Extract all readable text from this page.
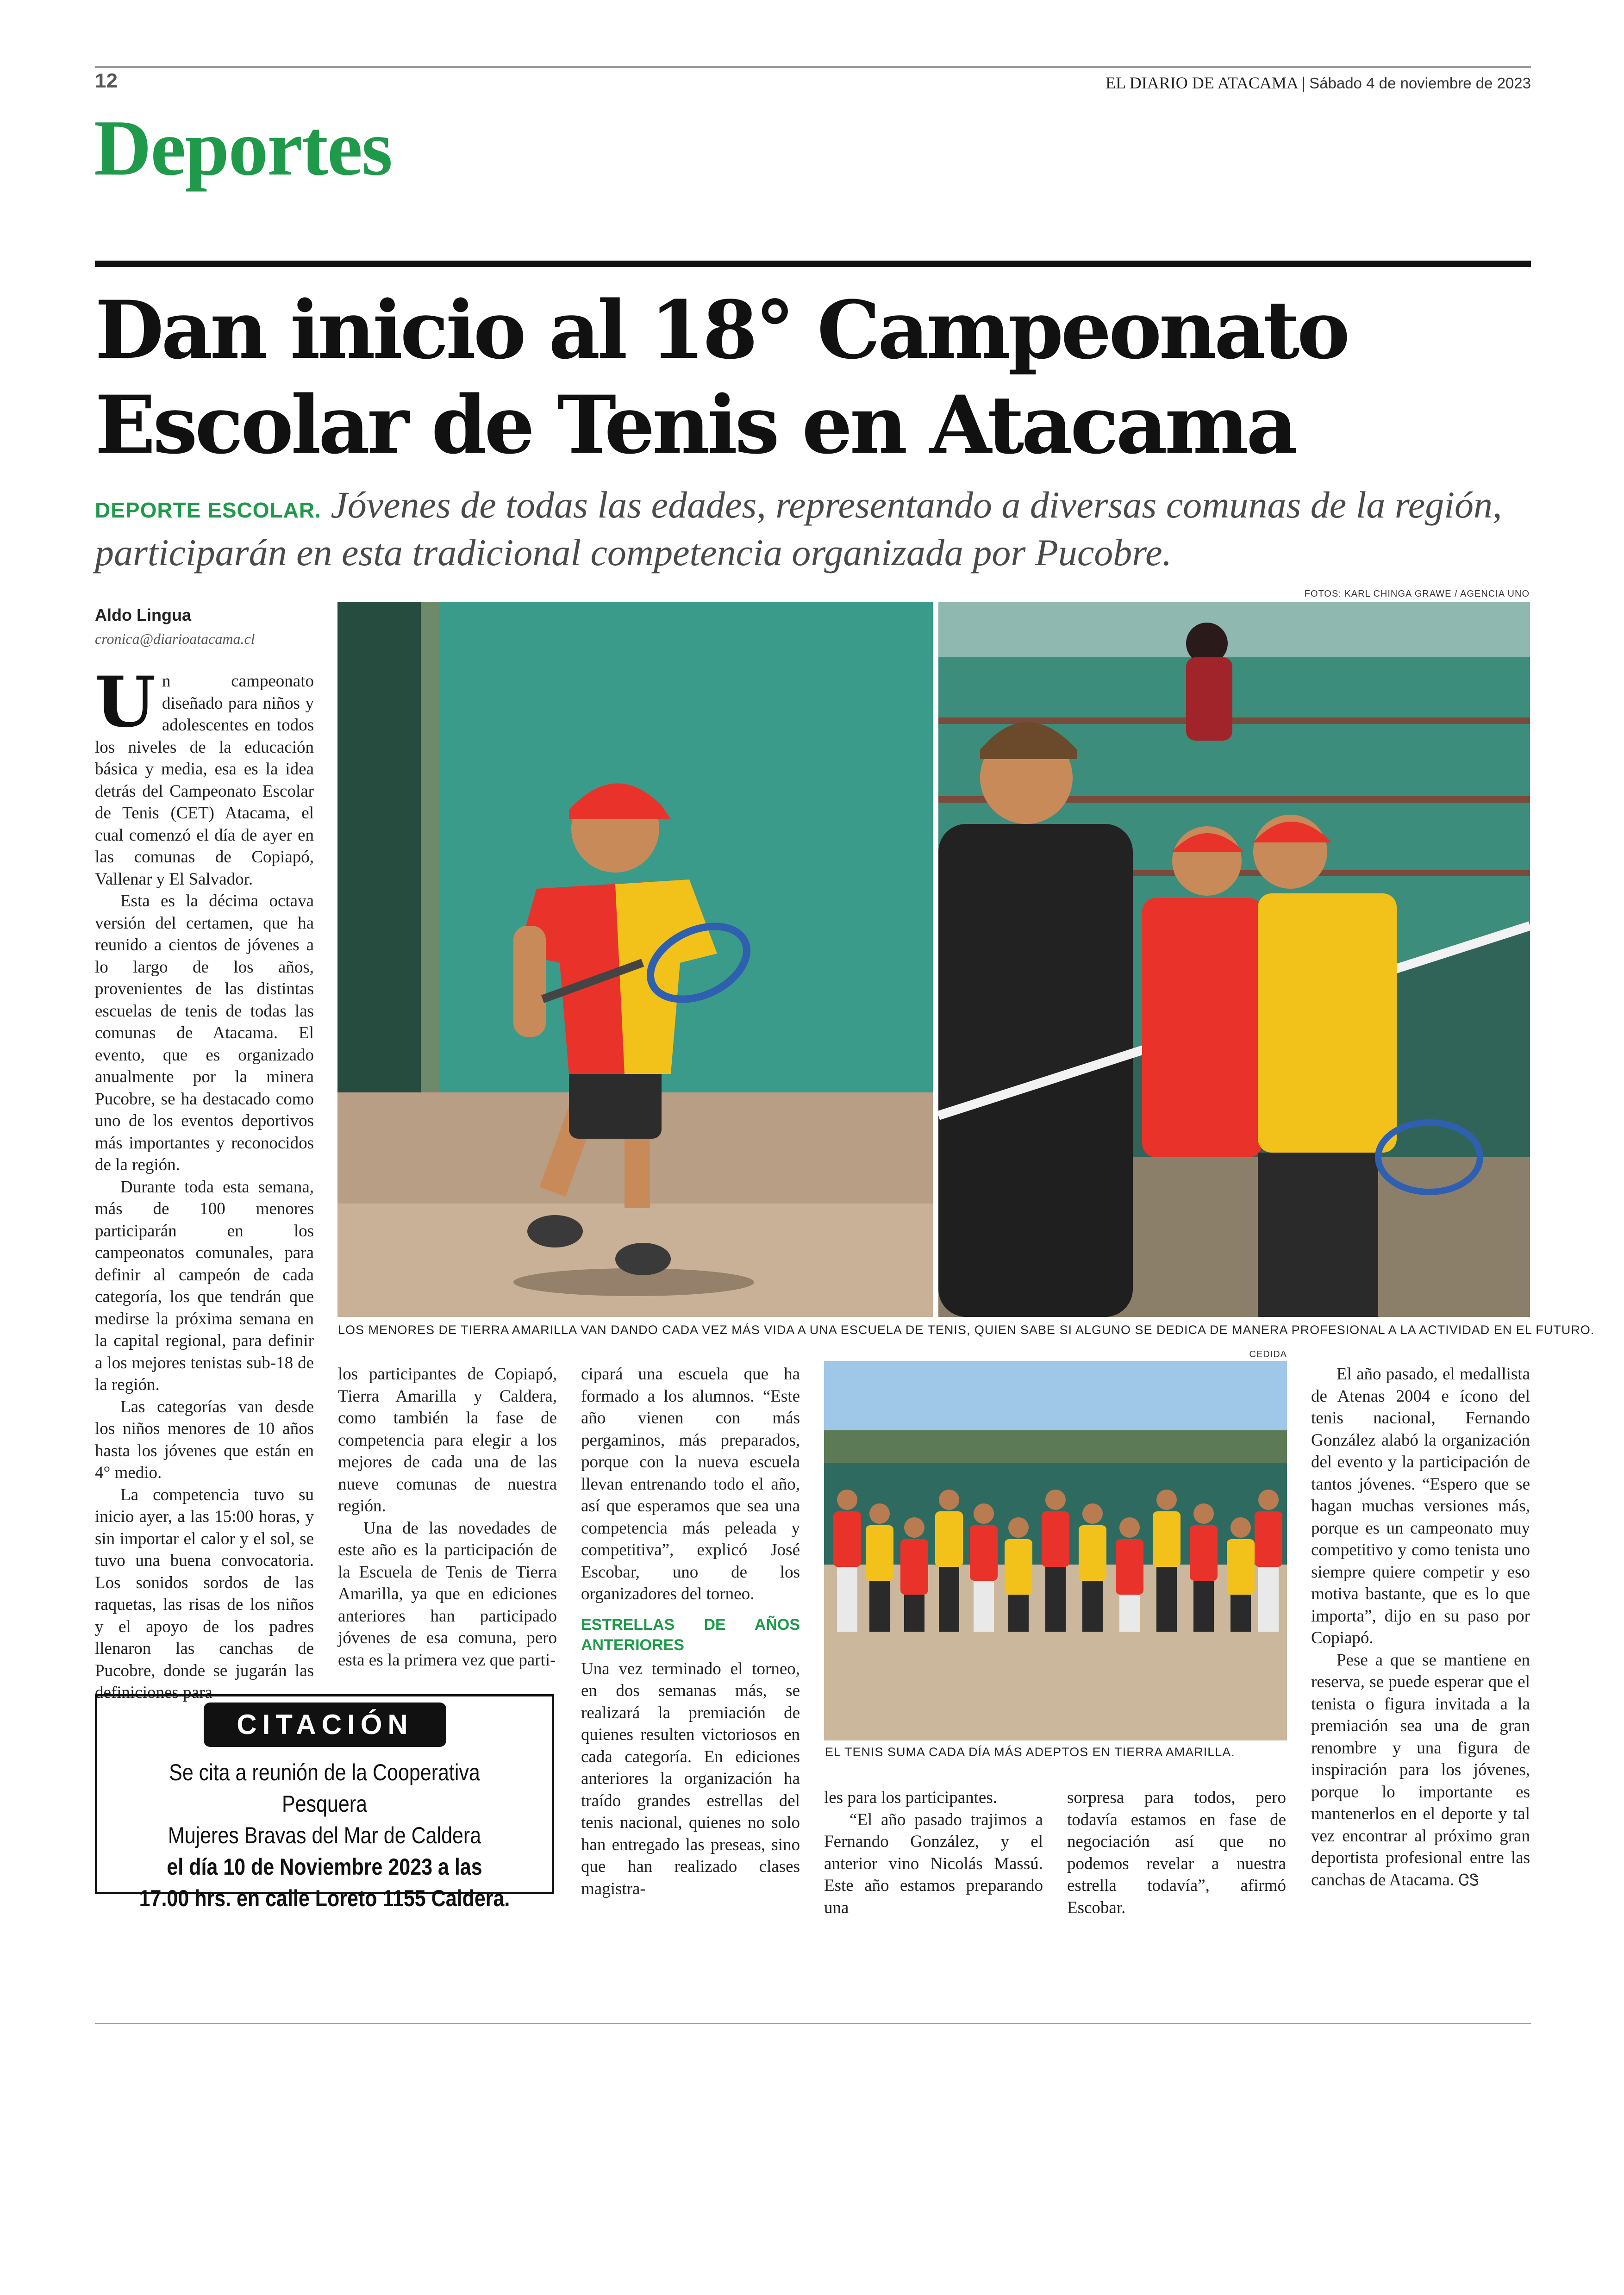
12	EL DIARIO DE ATACAMA | Sábado 4 de noviembre de 2023
Deportes
Dan inicio al 18° Campeonato
Escolar de Tenis en Atacama
DEPORTE ESCOLAR. Jóvenes de todas las edades, representando a diversas comunas de la región, participarán en esta tradicional competencia organizada por Pucobre.
FOTOS: KARL CHINGA GRAWE / AGENCIA UNO
LOS MENORES DE TIERRA AMARILLA VAN DANDO CADA VEZ MÁS VIDA A UNA ESCUELA DE TENIS, QUIEN SABE SI ALGUNO SE DEDICA DE MANERA PROFESIONAL A LA ACTIVIDAD EN EL FUTURO.
Aldo Lingua
cronica@diarioatacama.cl

Un campeonato diseñado para niños y adolescentes en todos los niveles de la educación básica y media, esa es la idea detrás del Campeonato Escolar de Tenis (CET) Atacama, el cual comenzó el día de ayer en las comunas de Copiapó, Vallenar y El Salvador.

Esta es la décima octava versión del certamen, que ha reunido a cientos de jóvenes a lo largo de los años, provenientes de las distintas escuelas de tenis de todas las comunas de Atacama. El evento, que es organizado anualmente por la minera Pucobre, se ha destacado como uno de los eventos deportivos más importantes y reconocidos de la región.

Durante toda esta semana, más de 100 menores participarán en los campeonatos comunales, para definir al campeón de cada categoría, los que tendrán que medirse la próxima semana en la capital regional, para definir a los mejores tenistas sub-18 de la región.

Las categorías van desde los niños menores de 10 años hasta los jóvenes que están en 4° medio.

La competencia tuvo su inicio ayer, a las 15:00 horas, y sin importar el calor y el sol, se tuvo una buena convocatoria. Los sonidos sordos de las raquetas, las risas de los niños y el apoyo de los padres llenaron las canchas de Pucobre, donde se jugarán las definiciones para

los participantes de Copiapó, Tierra Amarilla y Caldera, como también la fase de competencia para elegir a los mejores de cada una de las nueve comunas de nuestra región.

Una de las novedades de este año es la participación de la Escuela de Tenis de Tierra Amarilla, ya que en ediciones anteriores han participado jóvenes de esa comuna, pero esta es la primera vez que parti-

cipará una escuela que ha formado a los alumnos. “Este año vienen con más pergaminos, más preparados, porque con la nueva escuela llevan entrenando todo el año, así que esperamos que sea una competencia más peleada y competitiva”, explicó José Escobar, uno de los organizadores del torneo.

ESTRELLAS DE AÑOS ANTERIORES

Una vez terminado el torneo, en dos semanas más, se realizará la premiación de quienes resulten victoriosos en cada categoría. En ediciones anteriores la organización ha traído grandes estrellas del tenis nacional, quienes no solo han entregado las preseas, sino que han realizado clases magistra-

CEDIDA
EL TENIS SUMA CADA DÍA MÁS ADEPTOS EN TIERRA AMARILLA.

les para los participantes.

“El año pasado trajimos a Fernando González, y el anterior vino Nicolás Massú. Este año estamos preparando una

sorpresa para todos, pero todavía estamos en fase de negociación así que no podemos revelar a nuestra estrella todavía”, afirmó Escobar.

El año pasado, el medallista de Atenas 2004 e ícono del tenis nacional, Fernando González alabó la organización del evento y la participación de tantos jóvenes. “Espero que se hagan muchas versiones más, porque es un campeonato muy competitivo y como tenista uno siempre quiere competir y eso motiva bastante, que es lo que importa”, dijo en su paso por Copiapó.

Pese a que se mantiene en reserva, se puede esperar que el tenista o figura invitada a la premiación sea una de gran renombre y una figura de inspiración para los jóvenes, porque lo importante es mantenerlos en el deporte y tal vez encontrar al próximo gran deportista profesional entre las canchas de Atacama. ᏣᏕ

CITACIÓN
Se cita a reunión de la Cooperativa Pesquera
Mujeres Bravas del Mar de Caldera
el día 10 de Noviembre 2023 a las
17.00 hrs. en calle Loreto 1155 Caldera.
